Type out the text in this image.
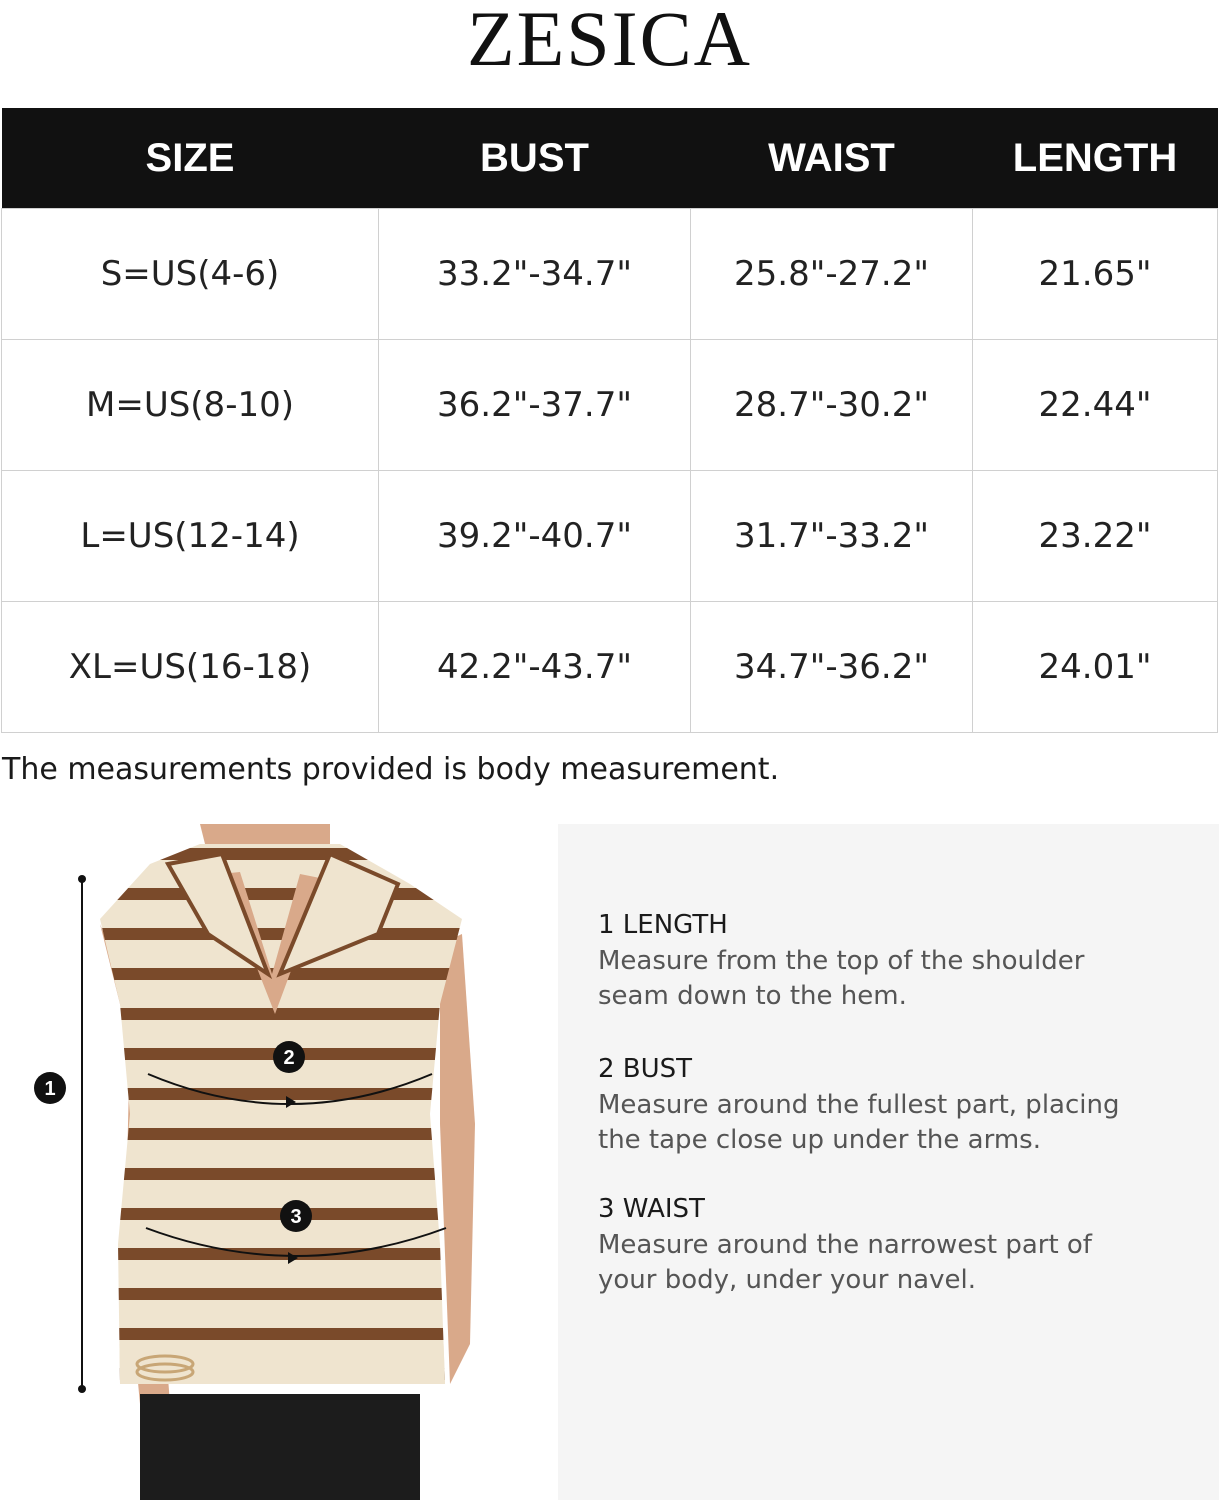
ZESICA
SIZE	BUST	WAIST	LENGTH
S=US(4-6)	33.2"-34.7"	25.8"-27.2"	21.65"
M=US(8-10)	36.2"-37.7"	28.7"-30.2"	22.44"
L=US(12-14)	39.2"-40.7"	31.7"-33.2"	23.22"
XL=US(16-18)	42.2"-43.7"	34.7"-36.2"	24.01"
The measurements provided is body measurement.
1
2
3
1 LENGTH
Measure from the top of the shoulder
seam down to the hem.
2 BUST
Measure around the fullest part, placing
the tape close up under the arms.
3 WAIST
Measure around the narrowest part of
your body, under your navel.
